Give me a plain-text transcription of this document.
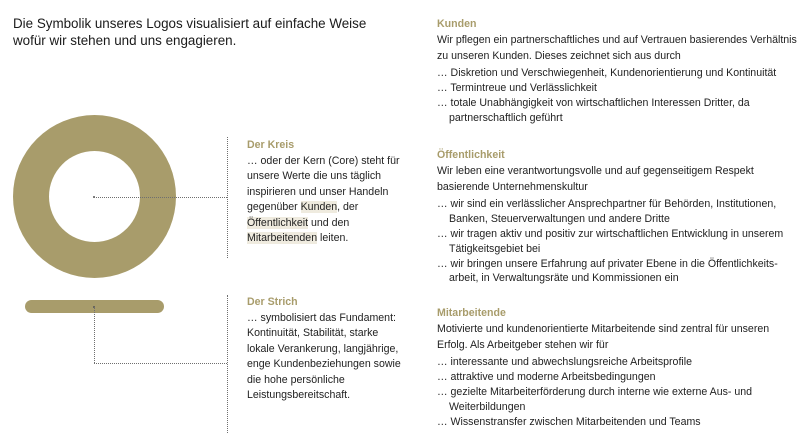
Die Symbolik unseres Logos visualisiert auf einfache Weise
wofür wir stehen und uns engagieren.
Der Kreis
… oder der Kern (Core) steht für unsere Werte die uns täglich inspirieren und unser Handeln gegenüber Kunden, der Öffentlichkeit und den Mitarbeitenden leiten.
Der Strich
… symbolisiert das Fundament: Kontinuität, Stabilität, starke lokale Verankerung, langjährige, enge Kundenbeziehungen sowie die hohe persönliche Leistungsbereitschaft.
Kunden
Wir pflegen ein partnerschaftliches und auf Vertrauen basierendes Verhältnis zu unseren Kunden. Dieses zeichnet sich aus durch
… Diskretion und Verschwiegenheit, Kundenorientierung und Kontinuität
… Termintreue und Verlässlichkeit
… totale Unabhängigkeit von wirtschaftlichen Interessen Dritter, da partnerschaftlich geführt
Öffentlichkeit
Wir leben eine verantwortungsvolle und auf gegenseitigem Respekt basierende Unternehmenskultur
… wir sind ein verlässlicher Ansprechpartner für Behörden, Institutionen, Banken, Steuerverwaltungen und andere Dritte
… wir tragen aktiv und positiv zur wirtschaftlichen Entwicklung in unserem Tätigkeitsgebiet bei
… wir bringen unsere Erfahrung auf privater Ebene in die Öffentlichkeitsarbeit, in Verwaltungsräte und Kommissionen ein
Mitarbeitende
Motivierte und kundenorientierte Mitarbeitende sind zentral für unseren Erfolg. Als Arbeitgeber stehen wir für
… interessante und abwechslungsreiche Arbeitsprofile
… attraktive und moderne Arbeitsbedingungen
… gezielte Mitarbeiterförderung durch interne wie externe Aus- und Weiterbildungen
… Wissenstransfer zwischen Mitarbeitenden und Teams
